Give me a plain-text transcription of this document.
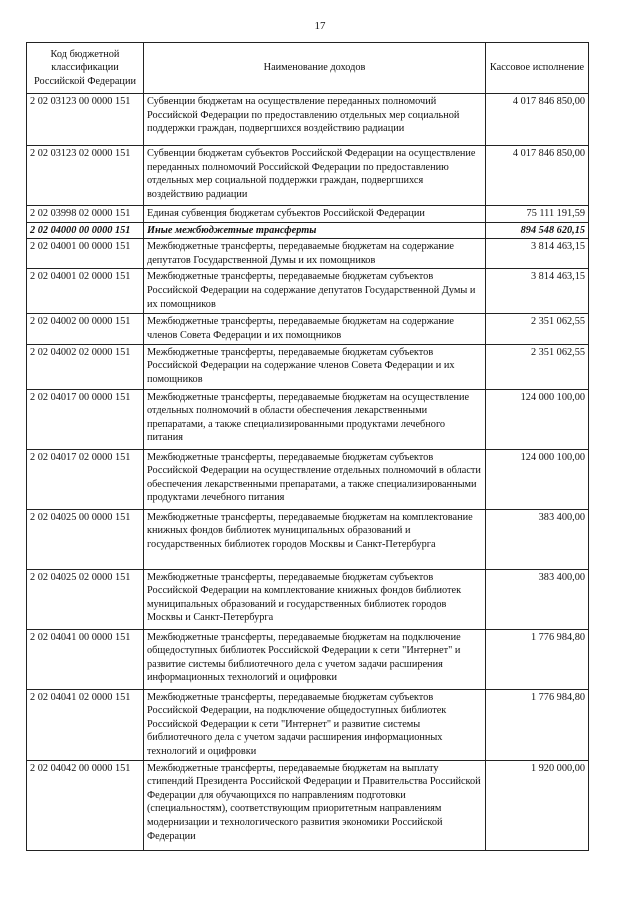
17
Код бюджетной классификации Российской Федерации	Наименование доходов	Кассовое исполнение
2 02 03123 00 0000 151	Субвенции бюджетам на осуществление переданных полномочий Российской Федерации по предоставлению отдельных мер социальной поддержки граждан, подвергшихся воздействию радиации	4 017 846 850,00
2 02 03123 02 0000 151	Субвенции бюджетам субъектов Российской Федерации на осуществление переданных полномочий Российской Федерации по предоставлению отдельных мер социальной поддержки граждан, подвергшихся воздействию радиации	4 017 846 850,00
2 02 03998 02 0000 151	Единая субвенция бюджетам субъектов Российской Федерации	75 111 191,59
2 02 04000 00 0000 151	Иные межбюджетные трансферты	894 548 620,15
2 02 04001 00 0000 151	Межбюджетные трансферты, передаваемые бюджетам на содержание депутатов Государственной Думы и их помощников	3 814 463,15
2 02 04001 02 0000 151	Межбюджетные трансферты, передаваемые бюджетам субъектов Российской Федерации на содержание депутатов Государственной Думы и их помощников	3 814 463,15
2 02 04002 00 0000 151	Межбюджетные трансферты, передаваемые бюджетам на содержание членов Совета Федерации и их помощников	2 351 062,55
2 02 04002 02 0000 151	Межбюджетные трансферты, передаваемые бюджетам субъектов Российской Федерации на содержание членов Совета Федерации и их помощников	2 351 062,55
2 02 04017 00 0000 151	Межбюджетные трансферты, передаваемые бюджетам на осуществление отдельных полномочий в области обеспечения лекарственными препаратами, а также специализированными продуктами лечебного питания	124 000 100,00
2 02 04017 02 0000 151	Межбюджетные трансферты, передаваемые бюджетам субъектов Российской Федерации на осуществление отдельных полномочий в области обеспечения лекарственными препаратами, а также специализированными продуктами лечебного питания	124 000 100,00
2 02 04025 00 0000 151	Межбюджетные трансферты, передаваемые бюджетам на комплектование книжных фондов библиотек муниципальных образований и государственных библиотек городов Москвы и Санкт-Петербурга	383 400,00
2 02 04025 02 0000 151	Межбюджетные трансферты, передаваемые бюджетам субъектов Российской Федерации на комплектование книжных фондов библиотек муниципальных образований и государственных библиотек городов Москвы и Санкт-Петербурга	383 400,00
2 02 04041 00 0000 151	Межбюджетные трансферты, передаваемые бюджетам на подключение общедоступных библиотек Российской Федерации к сети "Интернет" и развитие системы библиотечного дела с учетом задачи расширения информационных технологий и оцифровки	1 776 984,80
2 02 04041 02 0000 151	Межбюджетные трансферты, передаваемые бюджетам субъектов Российской Федерации, на подключение общедоступных библиотек Российской Федерации к сети "Интернет" и развитие системы библиотечного дела с учетом задачи расширения информационных технологий и оцифровки	1 776 984,80
2 02 04042 00 0000 151	Межбюджетные трансферты, передаваемые бюджетам на выплату стипендий Президента Российской Федерации и Правительства Российской Федерации для обучающихся по направлениям подготовки (специальностям), соответствующим приоритетным направлениям модернизации и технологического развития экономики Российской Федерации	1 920 000,00
